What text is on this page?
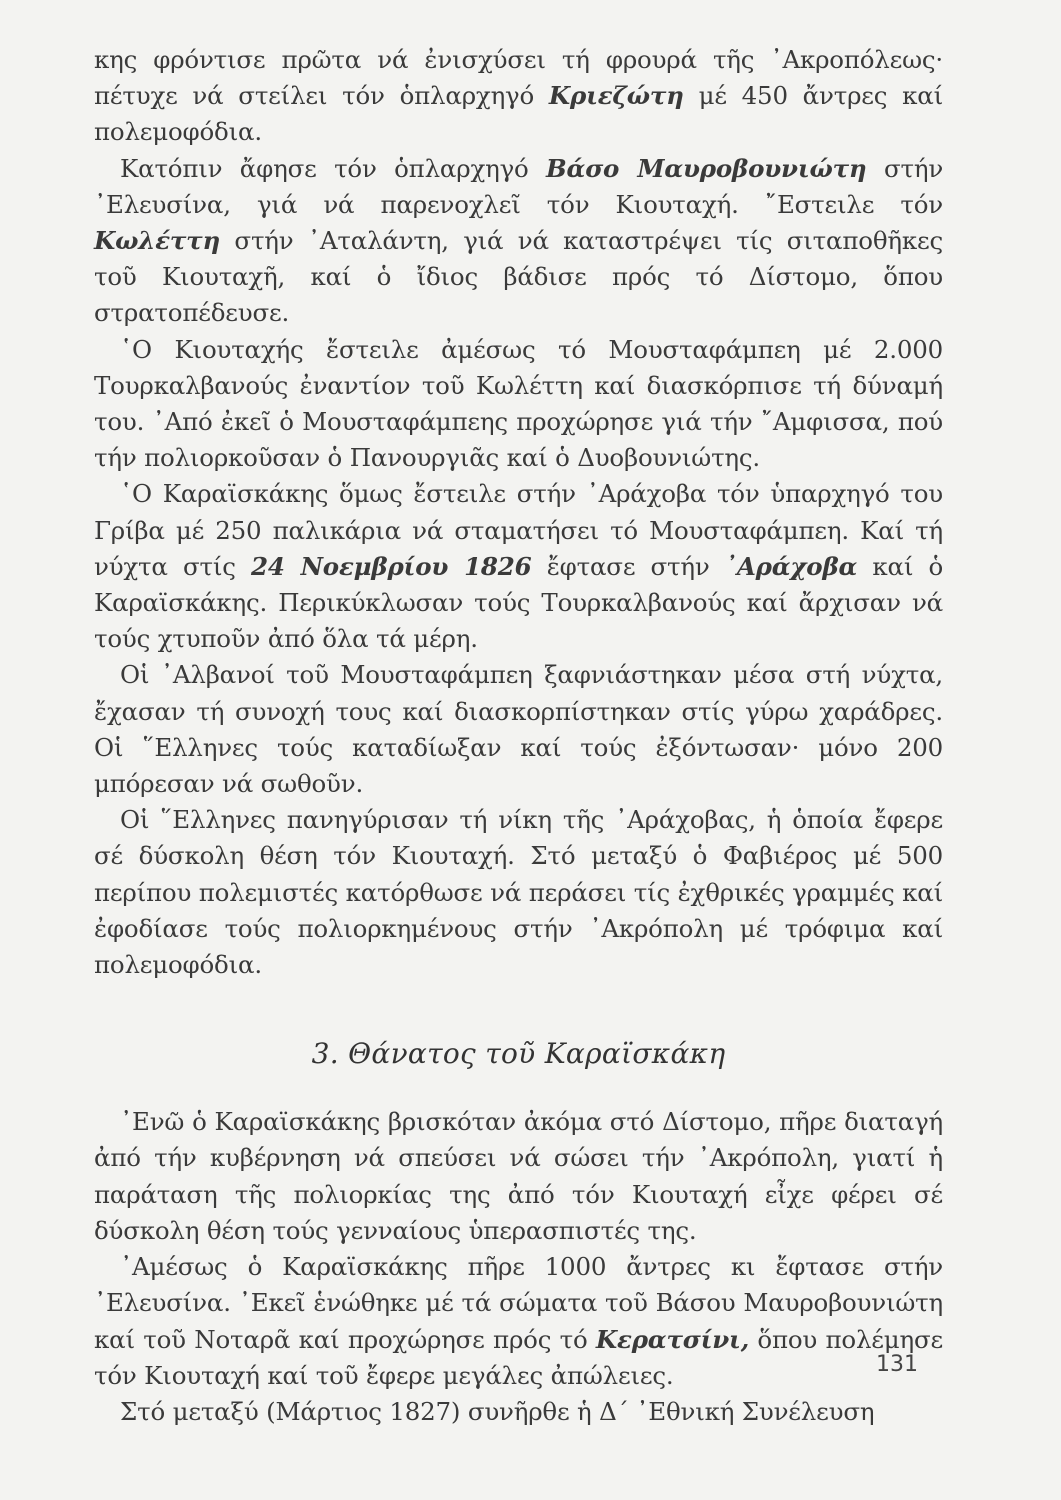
κης φρόντισε πρῶτα νά ἐνισχύσει τή φρουρά τῆς ᾿Ακροπόλεως· πέτυχε νά στείλει τόν ὁπλαρχηγό Κριεζώτη μέ 450 ἄντρες καί πολεμοφόδια.

Κατόπιν ἄφησε τόν ὁπλαρχηγό Βάσο Μαυροβουνιώτη στήν ᾿Ελευσίνα, γιά νά παρενοχλεῖ τόν Κιουταχή. ῎Εστειλε τόν Κωλέττη στήν ᾿Αταλάντη, γιά νά καταστρέψει τίς σιταποθῆκες τοῦ Κιουταχῆ, καί ὁ ἴδιος βάδισε πρός τό Δίστομο, ὅπου στρατοπέδευσε.

῾Ο Κιουταχής ἔστειλε ἀμέσως τό Μουσταφάμπεη μέ 2.000 Τουρκαλβανούς ἐναντίον τοῦ Κωλέττη καί διασκόρπισε τή δύναμή του. ᾿Από ἐκεῖ ὁ Μουσταφάμπεης προχώρησε γιά τήν ῎Αμφισσα, πού τήν πολιορκοῦσαν ὁ Πανουργιᾶς καί ὁ Δυοβουνιώτης.

῾Ο Καραϊσκάκης ὅμως ἔστειλε στήν ᾿Αράχοβα τόν ὑπαρχηγό του Γρίβα μέ 250 παλικάρια νά σταματήσει τό Μουσταφάμπεη. Καί τή νύχτα στίς 24 Νοεμβρίου 1826 ἔφτασε στήν ᾿Αράχοβα καί ὁ Καραϊσκάκης. Περικύκλωσαν τούς Τουρκαλβανούς καί ἄρχισαν νά τούς χτυποῦν ἀπό ὅλα τά μέρη.

Οἱ ᾿Αλβανοί τοῦ Μουσταφάμπεη ξαφνιάστηκαν μέσα στή νύχτα, ἔχασαν τή συνοχή τους καί διασκορπίστηκαν στίς γύρω χαράδρες. Οἱ ῞Ελληνες τούς καταδίωξαν καί τούς ἐξόντωσαν· μόνο 200 μπόρεσαν νά σωθοῦν.

Οἱ ῞Ελληνες πανηγύρισαν τή νίκη τῆς ᾿Αράχοβας, ἡ ὁποία ἔφερε σέ δύσκολη θέση τόν Κιουταχή. Στό μεταξύ ὁ Φαβιέρος μέ 500 περίπου πολεμιστές κατόρθωσε νά περάσει τίς ἐχθρικές γραμμές καί ἐφοδίασε τούς πολιορκημένους στήν ᾿Ακρόπολη μέ τρόφιμα καί πολεμοφόδια.

3. Θάνατος τοῦ Καραϊσκάκη

᾿Ενῶ ὁ Καραϊσκάκης βρισκόταν ἀκόμα στό Δίστομο, πῆρε διαταγή ἀπό τήν κυβέρνηση νά σπεύσει νά σώσει τήν ᾿Ακρόπολη, γιατί ἡ παράταση τῆς πολιορκίας της ἀπό τόν Κιουταχή εἶχε φέρει σέ δύσκολη θέση τούς γενναίους ὑπερασπιστές της.

᾿Αμέσως ὁ Καραϊσκάκης πῆρε 1000 ἄντρες κι ἔφτασε στήν ᾿Ελευσίνα. ᾿Εκεῖ ἑνώθηκε μέ τά σώματα τοῦ Βάσου Μαυροβουνιώτη καί τοῦ Νοταρᾶ καί προχώρησε πρός τό Κερατσίνι, ὅπου πολέμησε τόν Κιουταχή καί τοῦ ἔφερε μεγάλες ἀπώλειες.

Στό μεταξύ (Μάρτιος 1827) συνῆρθε ἡ Δ΄ ᾿Εθνική Συνέλευση

131
